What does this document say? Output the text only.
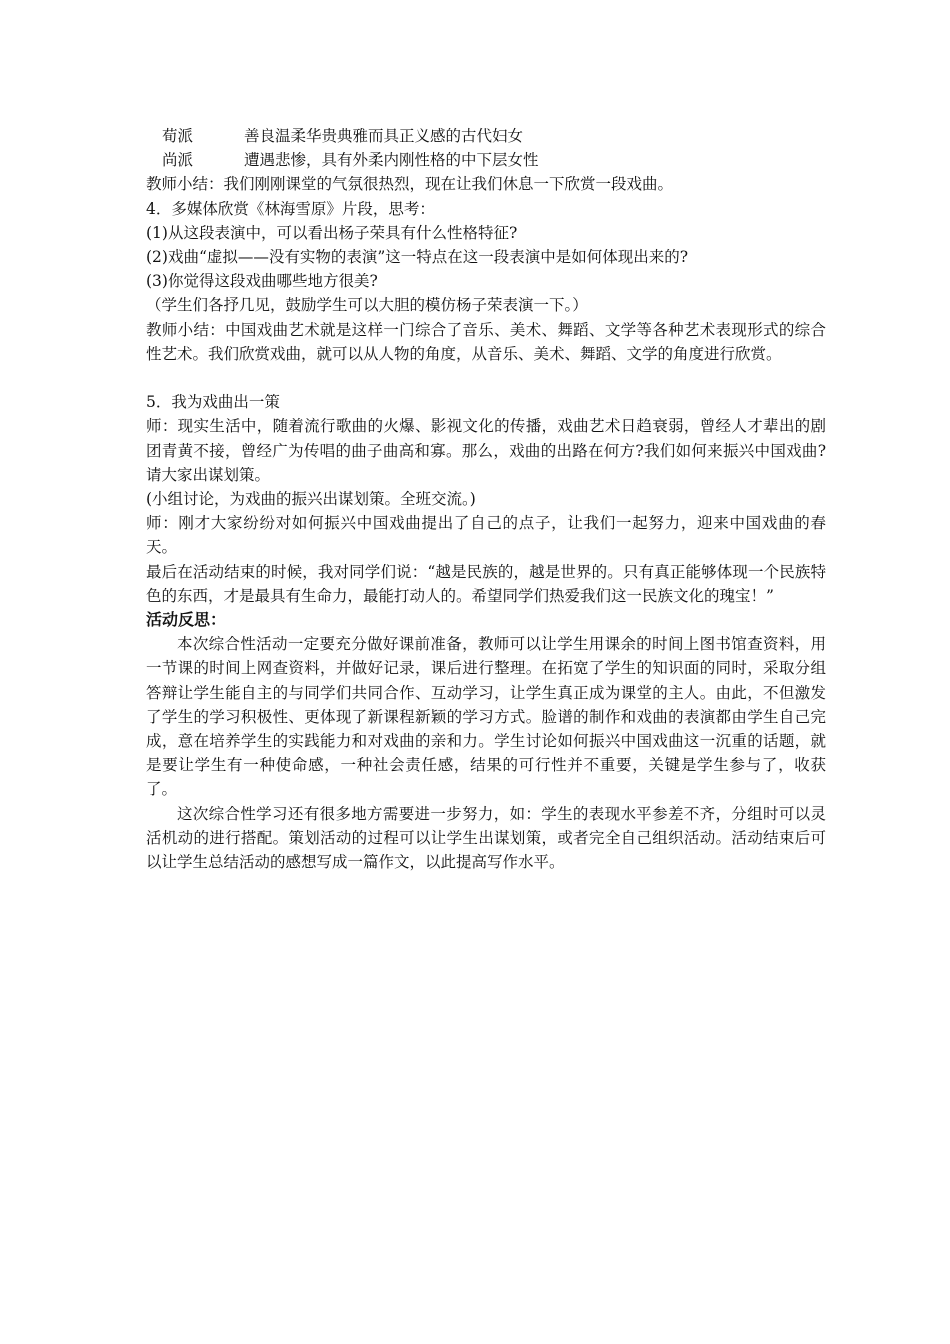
荀派	善良温柔华贵典雅而具正义感的古代妇女
尚派	遭遇悲惨，具有外柔内刚性格的中下层女性

教师小结：我们刚刚课堂的气氛很热烈，现在让我们休息一下欣赏一段戏曲。

4．多媒体欣赏《林海雪原》片段，思考：

(1)从这段表演中，可以看出杨子荣具有什么性格特征?

(2)戏曲“虚拟——没有实物的表演”这一特点在这一段表演中是如何体现出来的?

(3)你觉得这段戏曲哪些地方很美?

（学生们各抒几见，鼓励学生可以大胆的模仿杨子荣表演一下。）

教师小结：中国戏曲艺术就是这样一门综合了音乐、美术、舞蹈、文学等各种艺术表现形式的综合性艺术。我们欣赏戏曲，就可以从人物的角度，从音乐、美术、舞蹈、文学的角度进行欣赏。

5．我为戏曲出一策

师：现实生活中，随着流行歌曲的火爆、影视文化的传播，戏曲艺术日趋衰弱，曾经人才辈出的剧团青黄不接，曾经广为传唱的曲子曲高和寡。那么，戏曲的出路在何方?我们如何来振兴中国戏曲?请大家出谋划策。

(小组讨论，为戏曲的振兴出谋划策。全班交流。)

师：刚才大家纷纷对如何振兴中国戏曲提出了自己的点子，让我们一起努力，迎来中国戏曲的春天。

最后在活动结束的时候，我对同学们说：“越是民族的，越是世界的。只有真正能够体现一个民族特色的东西，才是最具有生命力，最能打动人的。希望同学们热爱我们这一民族文化的瑰宝！”

活动反思：

本次综合性活动一定要充分做好课前准备，教师可以让学生用课余的时间上图书馆查资料，用一节课的时间上网查资料，并做好记录，课后进行整理。在拓宽了学生的知识面的同时，采取分组答辩让学生能自主的与同学们共同合作、互动学习，让学生真正成为课堂的主人。由此，不但激发了学生的学习积极性、更体现了新课程新颖的学习方式。脸谱的制作和戏曲的表演都由学生自己完成，意在培养学生的实践能力和对戏曲的亲和力。学生讨论如何振兴中国戏曲这一沉重的话题，就是要让学生有一种使命感，一种社会责任感，结果的可行性并不重要，关键是学生参与了，收获了。

这次综合性学习还有很多地方需要进一步努力，如：学生的表现水平参差不齐，分组时可以灵活机动的进行搭配。策划活动的过程可以让学生出谋划策，或者完全自己组织活动。活动结束后可以让学生总结活动的感想写成一篇作文，以此提高写作水平。
